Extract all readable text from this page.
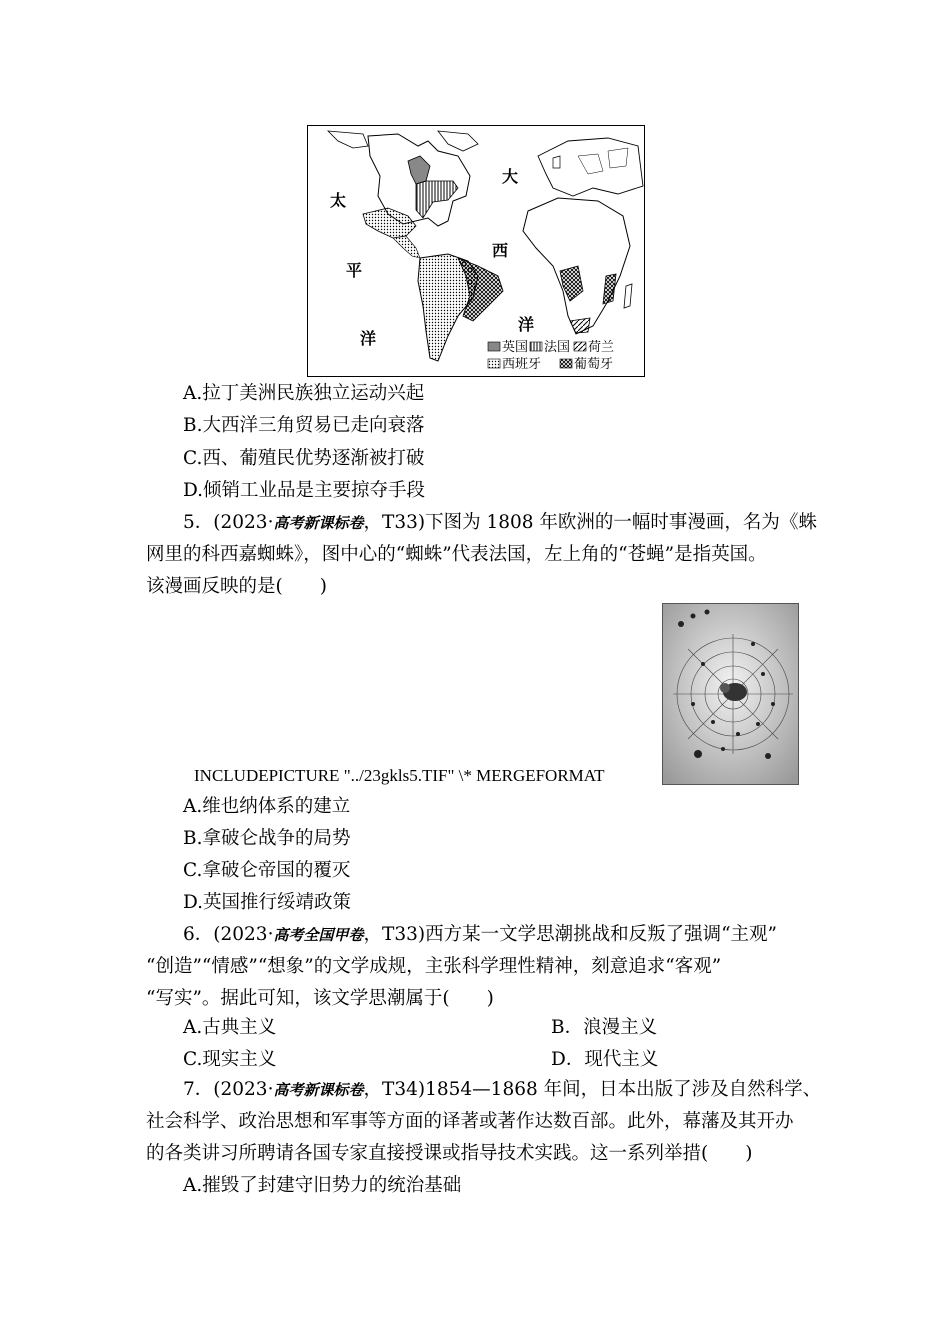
太
平
洋
大
西
洋
英国 法国 荷兰
西班牙	葡萄牙
A.拉丁美洲民族独立运动兴起
B.大西洋三角贸易已走向衰落
C.西、葡殖民优势逐渐被打破
D.倾销工业品是主要掠夺手段
5．(2023·高考新课标卷，T33)下图为 1808 年欧洲的一幅时事漫画，名为《蛛
网里的科西嘉蜘蛛》，图中心的“蜘蛛”代表法国，左上角的“苍蝇”是指英国。
该漫画反映的是(　　)
INCLUDEPICTURE "../23gkls5.TIF" \* MERGEFORMAT
A.维也纳体系的建立
B.拿破仑战争的局势
C.拿破仑帝国的覆灭
D.英国推行绥靖政策
6．(2023·高考全国甲卷，T33)西方某一文学思潮挑战和反叛了强调“主观”
“创造”“情感”“想象”的文学成规，主张科学理性精神，刻意追求“客观”
“写实”。据此可知，该文学思潮属于(　　)
A.古典主义	B．浪漫主义
C.现实主义	D．现代主义
7．(2023·高考新课标卷，T34)1854—1868 年间，日本出版了涉及自然科学、
社会科学、政治思想和军事等方面的译著或著作达数百部。此外，幕藩及其开办
的各类讲习所聘请各国专家直接授课或指导技术实践。这一系列举措(　　)
A.摧毁了封建守旧势力的统治基础
